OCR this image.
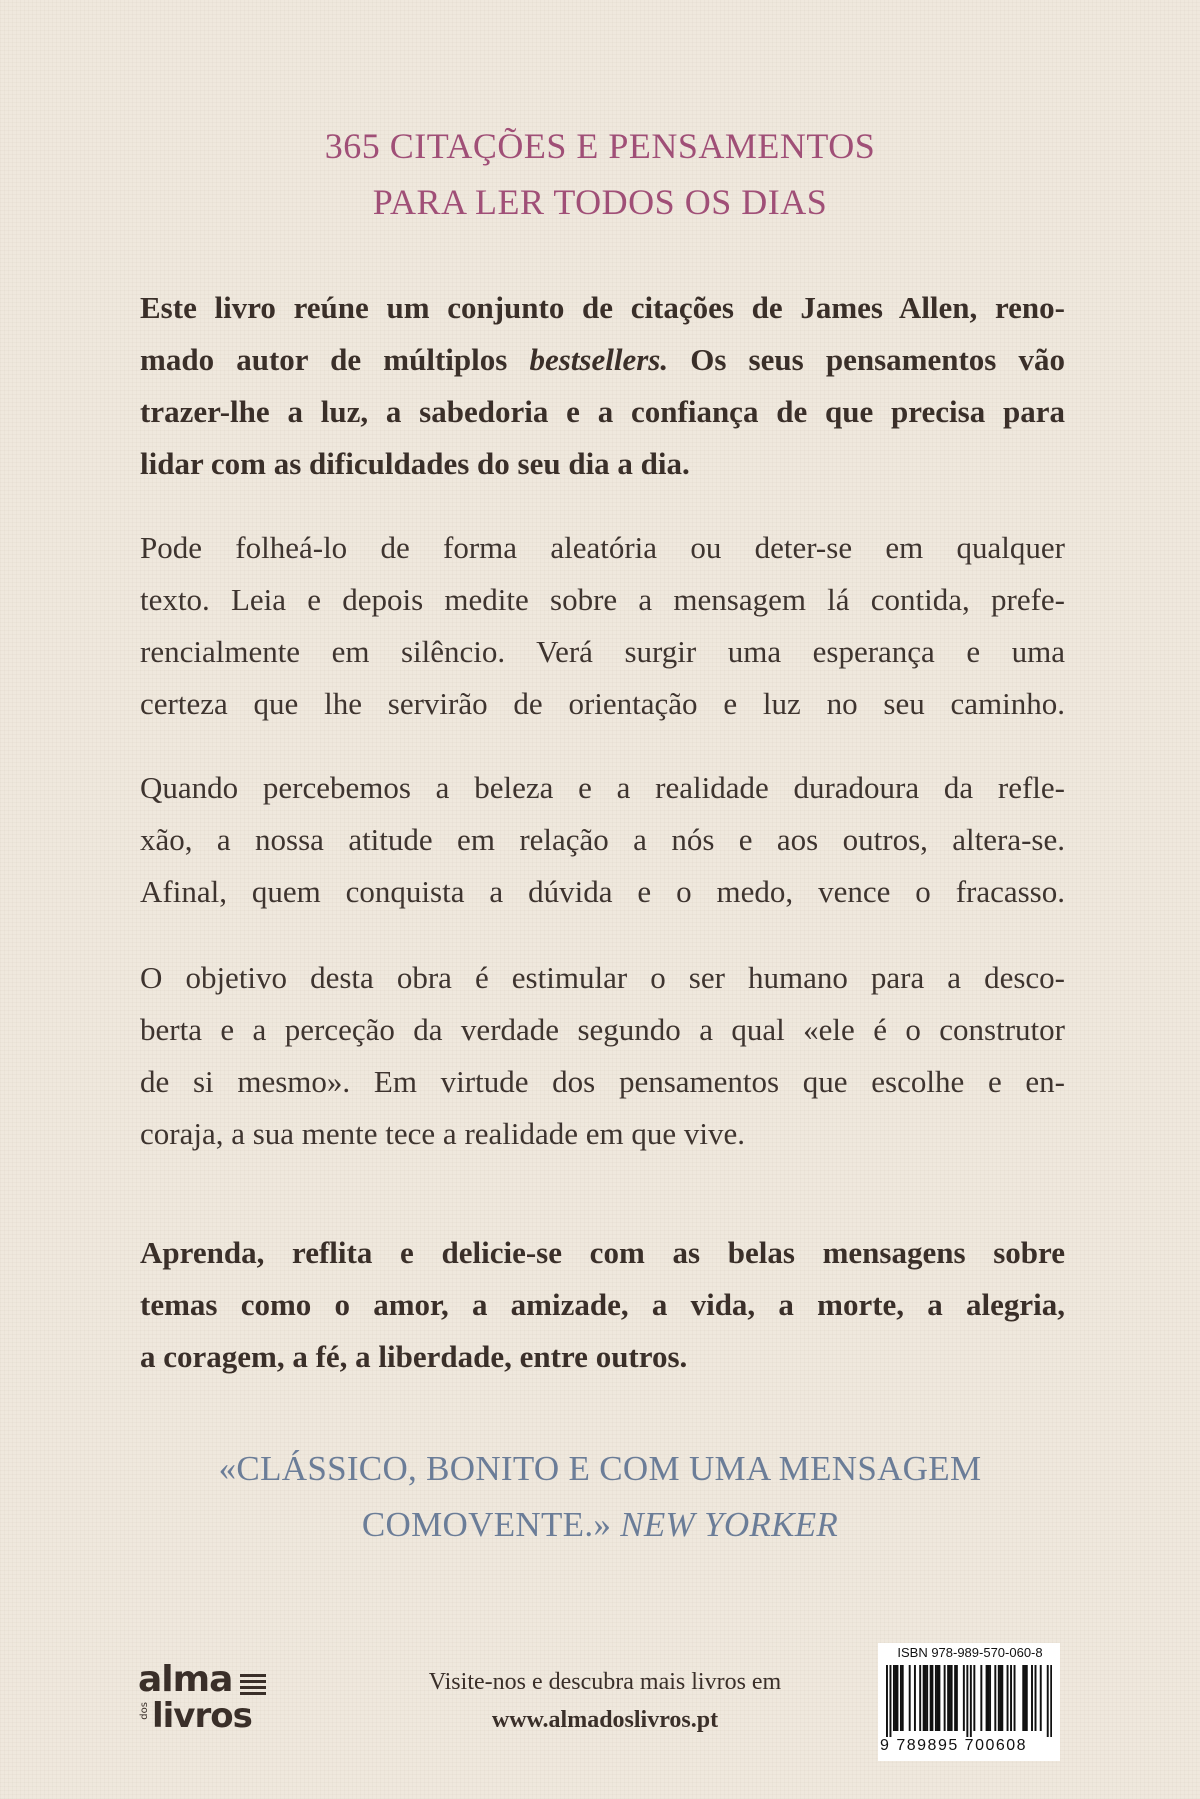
365 CITAÇÕES E PENSAMENTOS
PARA LER TODOS OS DIAS
Este livro reúne um conjunto de citações de James Allen, reno-
mado autor de múltiplos bestsellers. Os seus pensamentos vão
trazer-lhe a luz, a sabedoria e a confiança de que precisa para
lidar com as dificuldades do seu dia a dia.
Pode folheá-lo de forma aleatória ou deter-se em qualquer
texto. Leia e depois medite sobre a mensagem lá contida, prefe-
rencialmente em silêncio. Verá surgir uma esperança e uma
certeza que lhe servirão de orientação e luz no seu caminho.
Quando percebemos a beleza e a realidade duradoura da refle-
xão, a nossa atitude em relação a nós e aos outros, altera-se.
Afinal, quem conquista a dúvida e o medo, vence o fracasso.
O objetivo desta obra é estimular o ser humano para a desco-
berta e a perceção da verdade segundo a qual «ele é o construtor
de si mesmo». Em virtude dos pensamentos que escolhe e en-
coraja, a sua mente tece a realidade em que vive.
Aprenda, reflita e delicie-se com as belas mensagens sobre
temas como o amor, a amizade, a vida, a morte, a alegria,
a coragem, a fé, a liberdade, entre outros.
«CLÁSSICO, BONITO E COM UMA MENSAGEM
COMOVENTE.» NEW YORKER
alma
dos livros
Visite-nos e descubra mais livros em
www.almadoslivros.pt
ISBN 978-989-570-060-8
9 789895 700608
